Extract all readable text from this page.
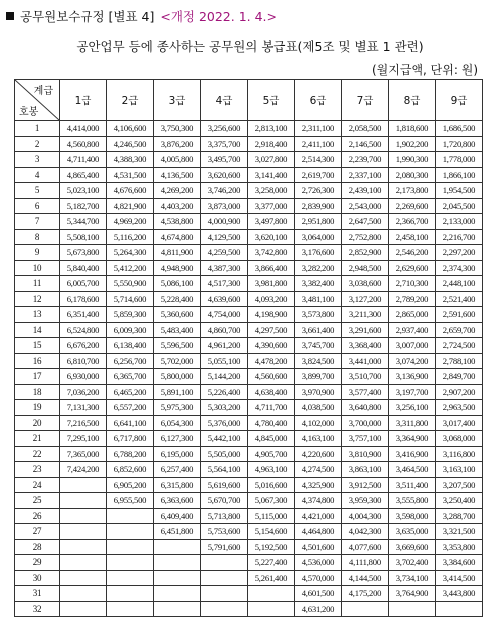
공무원보수규정 [별표 4] <개정 2022. 1. 4.>
공안업무 등에 종사하는 공무원의 봉급표(제5조 및 별표 1 관련)
(월지급액, 단위: 원)
계급
호봉	1급	2급	3급	4급	5급	6급	7급	8급	9급
1	4,414,000	4,106,600	3,750,300	3,256,600	2,813,100	2,311,100	2,058,500	1,818,600	1,686,500
2	4,560,800	4,246,500	3,876,200	3,375,700	2,918,400	2,411,100	2,146,500	1,902,200	1,720,800
3	4,711,400	4,388,300	4,005,800	3,495,700	3,027,800	2,514,300	2,239,700	1,990,300	1,778,000
4	4,865,400	4,531,500	4,136,500	3,620,600	3,141,400	2,619,700	2,337,100	2,080,300	1,866,100
5	5,023,100	4,676,600	4,269,200	3,746,200	3,258,000	2,726,300	2,439,100	2,173,800	1,954,500
6	5,182,700	4,821,900	4,403,200	3,873,000	3,377,000	2,839,900	2,543,000	2,269,600	2,045,500
7	5,344,700	4,969,200	4,538,800	4,000,900	3,497,800	2,951,800	2,647,500	2,366,700	2,133,000
8	5,508,100	5,116,200	4,674,800	4,129,500	3,620,100	3,064,000	2,752,800	2,458,100	2,216,700
9	5,673,800	5,264,300	4,811,900	4,259,500	3,742,800	3,176,600	2,852,900	2,546,200	2,297,200
10	5,840,400	5,412,200	4,948,900	4,387,300	3,866,400	3,282,200	2,948,500	2,629,600	2,374,300
11	6,005,700	5,550,900	5,086,100	4,517,300	3,981,800	3,382,400	3,038,600	2,710,300	2,448,100
12	6,178,600	5,714,600	5,228,400	4,639,600	4,093,200	3,481,100	3,127,200	2,789,200	2,521,400
13	6,351,400	5,859,300	5,360,600	4,754,000	4,198,900	3,573,800	3,211,300	2,865,000	2,591,600
14	6,524,800	6,009,300	5,483,400	4,860,700	4,297,500	3,661,400	3,291,600	2,937,400	2,659,700
15	6,676,200	6,138,400	5,596,500	4,961,200	4,390,600	3,745,700	3,368,400	3,007,000	2,724,500
16	6,810,700	6,256,700	5,702,000	5,055,100	4,478,200	3,824,500	3,441,000	3,074,200	2,788,100
17	6,930,000	6,365,700	5,800,000	5,144,200	4,560,600	3,899,700	3,510,700	3,136,900	2,849,700
18	7,036,200	6,465,200	5,891,100	5,226,400	4,638,400	3,970,900	3,577,400	3,197,700	2,907,200
19	7,131,300	6,557,200	5,975,300	5,303,200	4,711,700	4,038,500	3,640,800	3,256,100	2,963,500
20	7,216,500	6,641,100	6,054,300	5,376,000	4,780,400	4,102,000	3,700,000	3,311,800	3,017,400
21	7,295,100	6,717,800	6,127,300	5,442,100	4,845,000	4,163,100	3,757,100	3,364,900	3,068,000
22	7,365,000	6,788,200	6,195,000	5,505,000	4,905,700	4,220,600	3,810,900	3,416,900	3,116,800
23	7,424,200	6,852,600	6,257,400	5,564,100	4,963,100	4,274,500	3,863,100	3,464,500	3,163,100
24		6,905,200	6,315,800	5,619,600	5,016,600	4,325,900	3,912,500	3,511,400	3,207,500
25		6,955,500	6,363,600	5,670,700	5,067,300	4,374,800	3,959,300	3,555,800	3,250,400
26			6,409,400	5,713,800	5,115,000	4,421,000	4,004,300	3,598,000	3,288,700
27			6,451,800	5,753,600	5,154,600	4,464,800	4,042,300	3,635,000	3,321,500
28				5,791,600	5,192,500	4,501,600	4,077,600	3,669,600	3,353,800
29					5,227,400	4,536,000	4,111,800	3,702,400	3,384,600
30					5,261,400	4,570,000	4,144,500	3,734,100	3,414,500
31						4,601,500	4,175,200	3,764,900	3,443,800
32						4,631,200			
